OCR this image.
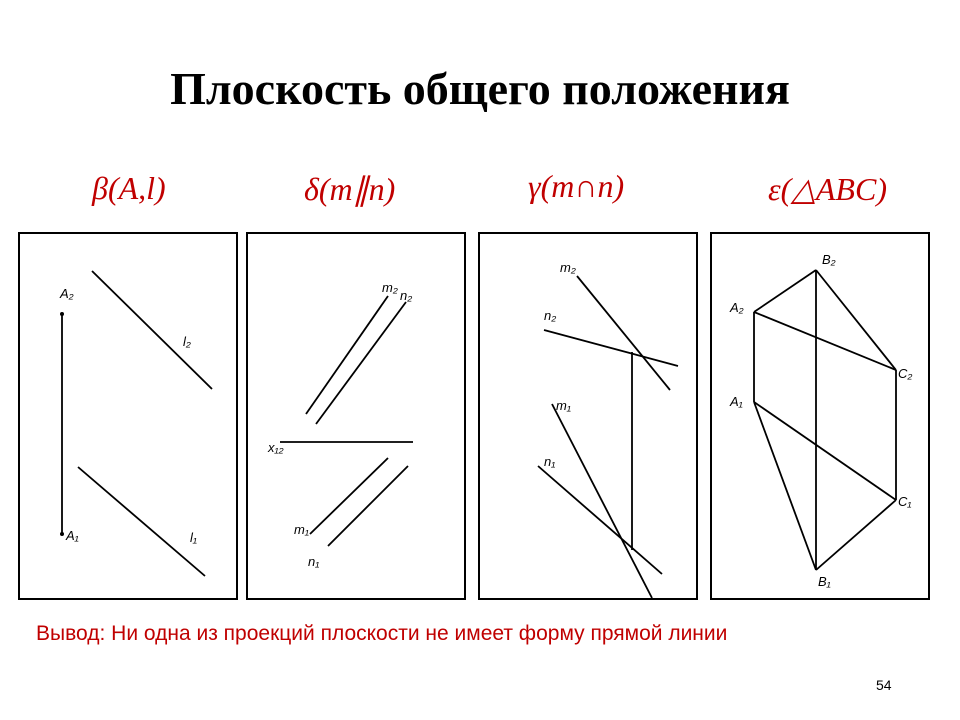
Плоскость общего положения
β(A,l)	δ(m∥n)	γ(m∩n)	ε(△ABC)
A₂
l₂
A₁	l₁
m₂
n₂
x₁₂
m₁
n₁
m₂
n₂
m₁
n₁
B₂
A₂
C₂
A₁
C₁
B₁
Вывод: Ни одна из проекций плоскости не имеет форму прямой линии
54
